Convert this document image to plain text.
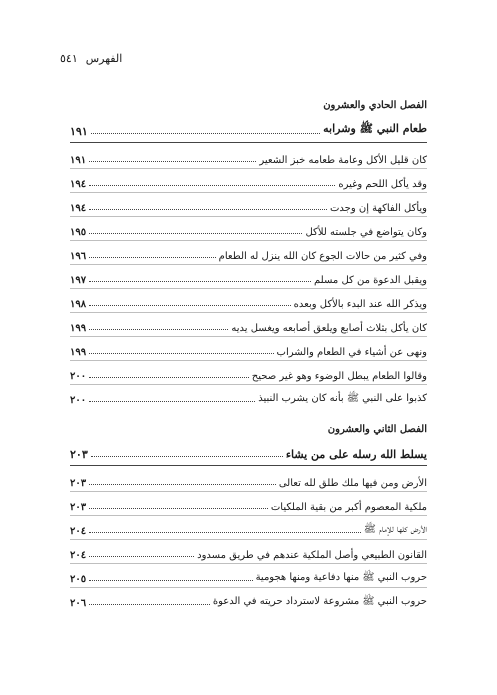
الفهرس
٥٤١
الفصل الحادي والعشرون
طعام النبي ﷺ وشرابه
١٩١
كان قليل الأكل وعامة طعامه خبز الشعير
١٩١
وقد يأكل اللحم وغيره
١٩٤
ويأكل الفاكهة إن وجدت
١٩٤
وكان يتواضع في جلسته للأكل
١٩٥
وفي كثير من حالات الجوع كان الله ينزل له الطعام
١٩٦
ويقبل الدعوة من كل مسلم
١٩٧
ويذكر الله عند البدء بالأكل وبعده
١٩٨
كان يأكل بثلاث أصابع ويلعق أصابعه ويغسل يديه
١٩٩
ونهى عن أشياء في الطعام والشراب
١٩٩
وقالوا الطعام يبطل الوضوء وهو غير صحيح
٢٠٠
كذبوا على النبي ﷺ بأنه كان يشرب النبيذ
٢٠٠
الفصل الثاني والعشرون
يسلط الله رسله على من يشاء
٢٠٣
الأرض ومن فيها ملك طلق لله تعالى
٢٠٣
ملكية المعصوم أكبر من بقية الملكيات
٢٠٣
الأرض كلها للإمام ﷺ
٢٠٤
القانون الطبيعي وأصل الملكية عندهم في طريق مسدود
٢٠٤
حروب النبي ﷺ منها دفاعية ومنها هجومية
٢٠٥
حروب النبي ﷺ مشروعة لاسترداد حريته في الدعوة
٢٠٦
